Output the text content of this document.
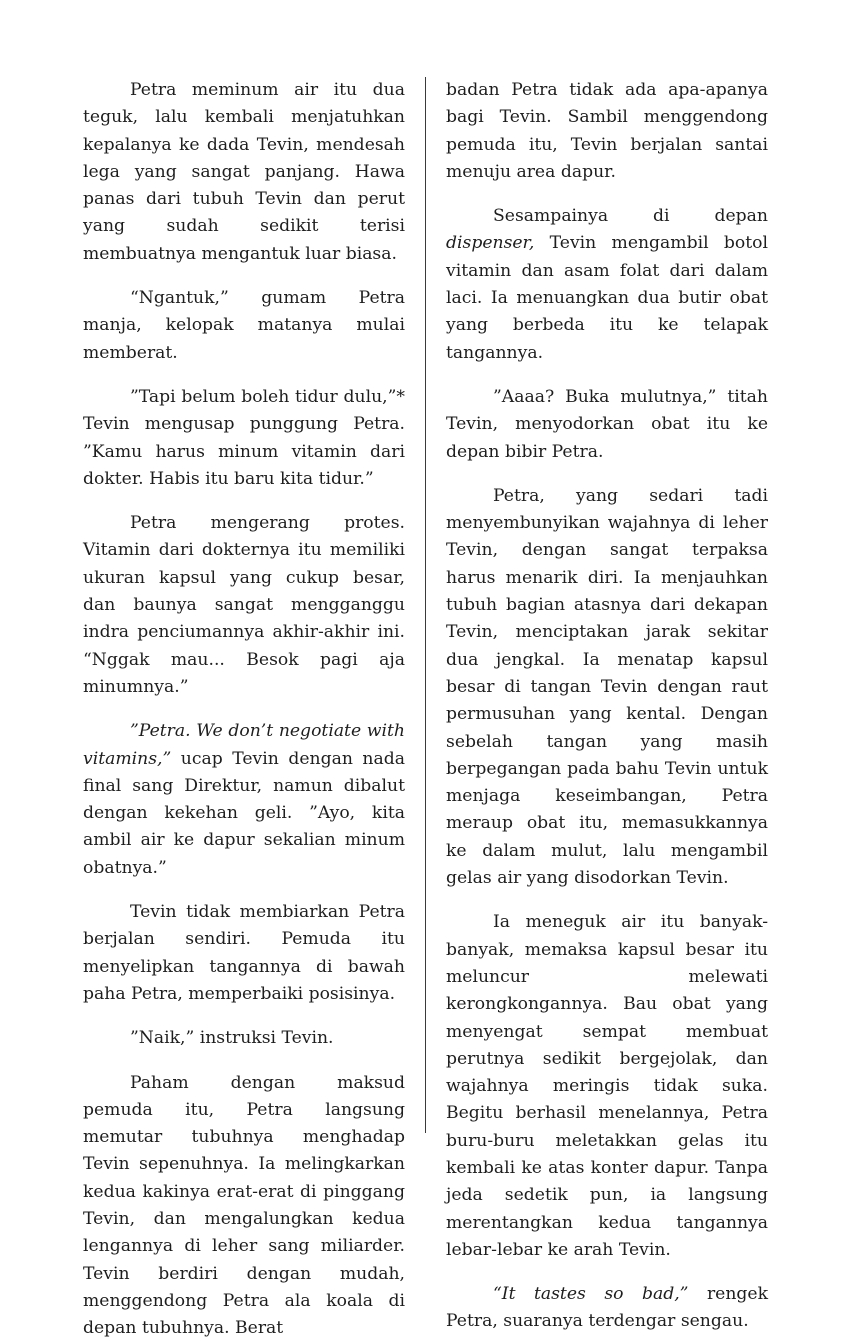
Petra meminum air itu dua teguk, lalu kembali menjatuhkan kepalanya ke dada Tevin, mendesah lega yang sangat panjang. Hawa panas dari tubuh Tevin dan perut yang sudah sedikit terisi membuatnya mengantuk luar biasa.

“Ngantuk,” gumam Petra manja, kelopak matanya mulai memberat.

”Tapi belum boleh tidur dulu,”* Tevin mengusap punggung Petra. ”Kamu harus minum vitamin dari dokter. Habis itu baru kita tidur.”

Petra mengerang protes. Vitamin dari dokternya itu memiliki ukuran kapsul yang cukup besar, dan baunya sangat mengganggu indra penciumannya akhir-akhir ini. “Nggak mau... Besok pagi aja minumnya.”

”Petra. We don’t negotiate with vitamins,” ucap Tevin dengan nada final sang Direktur, namun dibalut dengan kekehan geli. ”Ayo, kita ambil air ke dapur sekalian minum obatnya.”

Tevin tidak membiarkan Petra berjalan sendiri. Pemuda itu menyelipkan tangannya di bawah paha Petra, memperbaiki posisinya.

”Naik,” instruksi Tevin.

Paham dengan maksud pemuda itu, Petra langsung memutar tubuhnya menghadap Tevin sepenuhnya. Ia melingkarkan kedua kakinya erat-erat di pinggang Tevin, dan mengalungkan kedua lengannya di leher sang miliarder. Tevin berdiri dengan mudah, menggendong Petra ala koala di depan tubuhnya. Berat

badan Petra tidak ada apa-apanya bagi Tevin. Sambil menggendong pemuda itu, Tevin berjalan santai menuju area dapur.

Sesampainya di depan dispenser, Tevin mengambil botol vitamin dan asam folat dari dalam laci. Ia menuangkan dua butir obat yang berbeda itu ke telapak tangannya.

”Aaaa? Buka mulutnya,” titah Tevin, menyodorkan obat itu ke depan bibir Petra.

Petra, yang sedari tadi menyembunyikan wajahnya di leher Tevin, dengan sangat terpaksa harus menarik diri. Ia menjauhkan tubuh bagian atasnya dari dekapan Tevin, menciptakan jarak sekitar dua jengkal. Ia menatap kapsul besar di tangan Tevin dengan raut permusuhan yang kental. Dengan sebelah tangan yang masih berpegangan pada bahu Tevin untuk menjaga keseimbangan, Petra meraup obat itu, memasukkannya ke dalam mulut, lalu mengambil gelas air yang disodorkan Tevin.

Ia meneguk air itu banyak-banyak, memaksa kapsul besar itu meluncur melewati kerongkongannya. Bau obat yang menyengat sempat membuat perutnya sedikit bergejolak, dan wajahnya meringis tidak suka. Begitu berhasil menelannya, Petra buru-buru meletakkan gelas itu kembali ke atas konter dapur. Tanpa jeda sedetik pun, ia langsung merentangkan kedua tangannya lebar-lebar ke arah Tevin.

“It tastes so bad,” rengek Petra, suaranya terdengar sengau.
